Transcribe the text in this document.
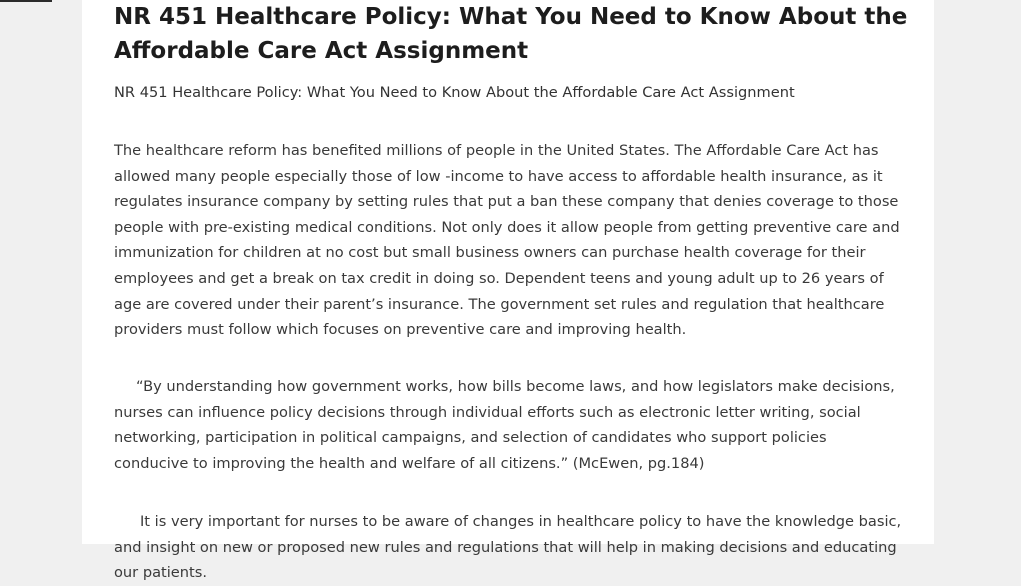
NR 451 Healthcare Policy: What You Need to Know About the Affordable Care Act Assignment

NR 451 Healthcare Policy: What You Need to Know About the Affordable Care Act Assignment

The healthcare reform has benefited millions of people in the United States. The Affordable Care Act has allowed many people especially those of low -income to have access to affordable health insurance, as it regulates insurance company by setting rules that put a ban these company that denies coverage to those people with pre-existing medical conditions. Not only does it allow people from getting preventive care and immunization for children at no cost but small business owners can purchase health coverage for their employees and get a break on tax credit in doing so. Dependent teens and young adult up to 26 years of age are covered under their parent’s insurance. The government set rules and regulation that healthcare providers must follow which focuses on preventive care and improving health.

“By understanding how government works, how bills become laws, and how legislators make decisions, nurses can influence policy decisions through individual efforts such as electronic letter writing, social networking, participation in political campaigns, and selection of candidates who support policies conducive to improving the health and welfare of all citizens.” (McEwen, pg.184)

It is very important for nurses to be aware of changes in healthcare policy to have the knowledge basic, and insight on new or proposed new rules and regulations that will help in making decisions and educating our patients.
